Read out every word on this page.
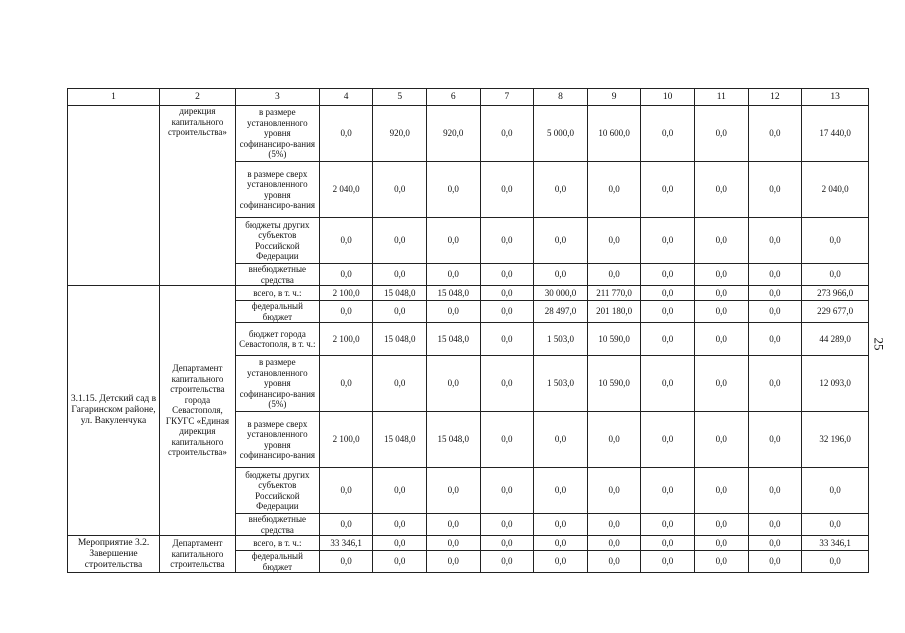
1	2	3	4	5	6	7	8	9	10	11	12	13
	дирекция капитального строительства»	в размере установленного уровня софинансиро-вания (5%)	0,0	920,0	920,0	0,0	5 000,0	10 600,0	0,0	0,0	0,0	17 440,0
		в размере сверх установленного уровня софинансиро-вания	2 040,0	0,0	0,0	0,0	0,0	0,0	0,0	0,0	0,0	2 040,0
		бюджеты других субъектов Российской Федерации	0,0	0,0	0,0	0,0	0,0	0,0	0,0	0,0	0,0	0,0
		внебюджетные средства	0,0	0,0	0,0	0,0	0,0	0,0	0,0	0,0	0,0	0,0
3.1.15. Детский сад в Гагаринском районе, ул. Вакуленчука	Департамент капитального строительства города Севастополя, ГКУГС «Единая дирекция капитального строительства»	всего, в т. ч.:	2 100,0	15 048,0	15 048,0	0,0	30 000,0	211 770,0	0,0	0,0	0,0	273 966,0
		федеральный бюджет	0,0	0,0	0,0	0,0	28 497,0	201 180,0	0,0	0,0	0,0	229 677,0
		бюджет города Севастополя, в т. ч.:	2 100,0	15 048,0	15 048,0	0,0	1 503,0	10 590,0	0,0	0,0	0,0	44 289,0
		в размере установленного уровня софинансиро-вания (5%)	0,0	0,0	0,0	0,0	1 503,0	10 590,0	0,0	0,0	0,0	12 093,0
		в размере сверх установленного уровня софинансиро-вания	2 100,0	15 048,0	15 048,0	0,0	0,0	0,0	0,0	0,0	0,0	32 196,0
		бюджеты других субъектов Российской Федерации	0,0	0,0	0,0	0,0	0,0	0,0	0,0	0,0	0,0	0,0
		внебюджетные средства	0,0	0,0	0,0	0,0	0,0	0,0	0,0	0,0	0,0	0,0
Мероприятие 3.2. Завершение строительства	Департамент капитального строительства	всего, в т. ч.:	33 346,1	0,0	0,0	0,0	0,0	0,0	0,0	0,0	0,0	33 346,1
		федеральный бюджет	0,0	0,0	0,0	0,0	0,0	0,0	0,0	0,0	0,0	0,0
25
